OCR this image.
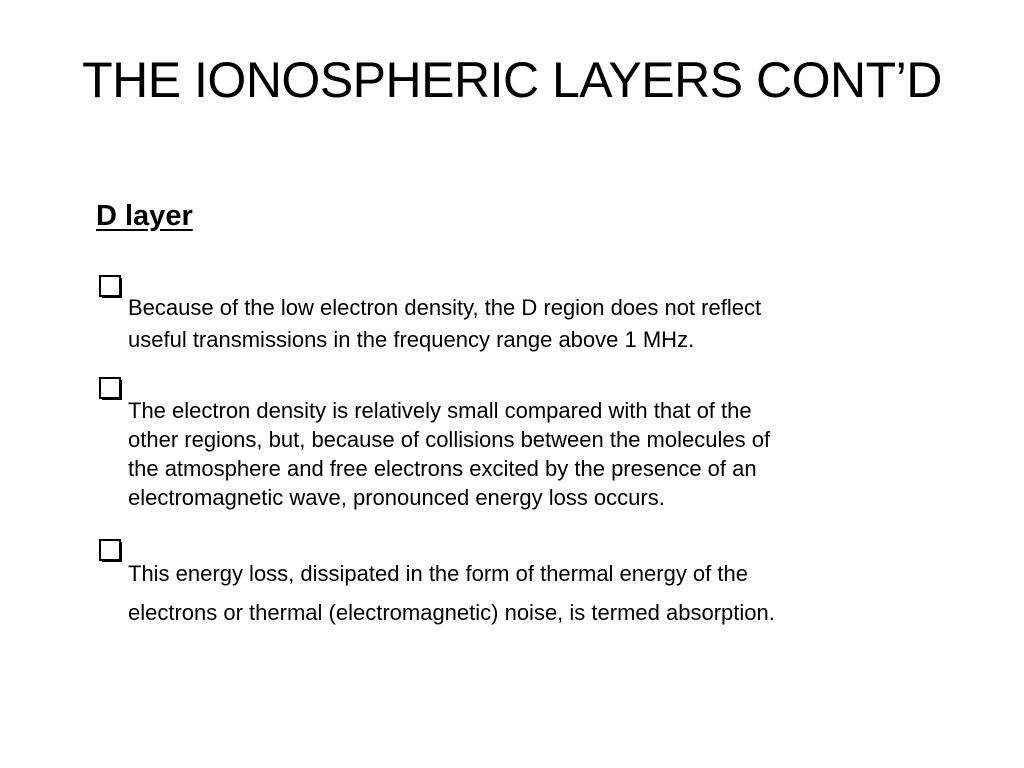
THE IONOSPHERIC LAYERS CONT’D
D layer
Because of the low electron density, the D region does not reflect
useful transmissions in the frequency range above 1 MHz.
The electron density is relatively small compared with that of the
other regions, but, because of collisions between the molecules of
the atmosphere and free electrons excited by the presence of an
electromagnetic wave, pronounced energy loss occurs.
This energy loss, dissipated in the form of thermal energy of the
electrons or thermal (electromagnetic) noise, is termed absorption.
